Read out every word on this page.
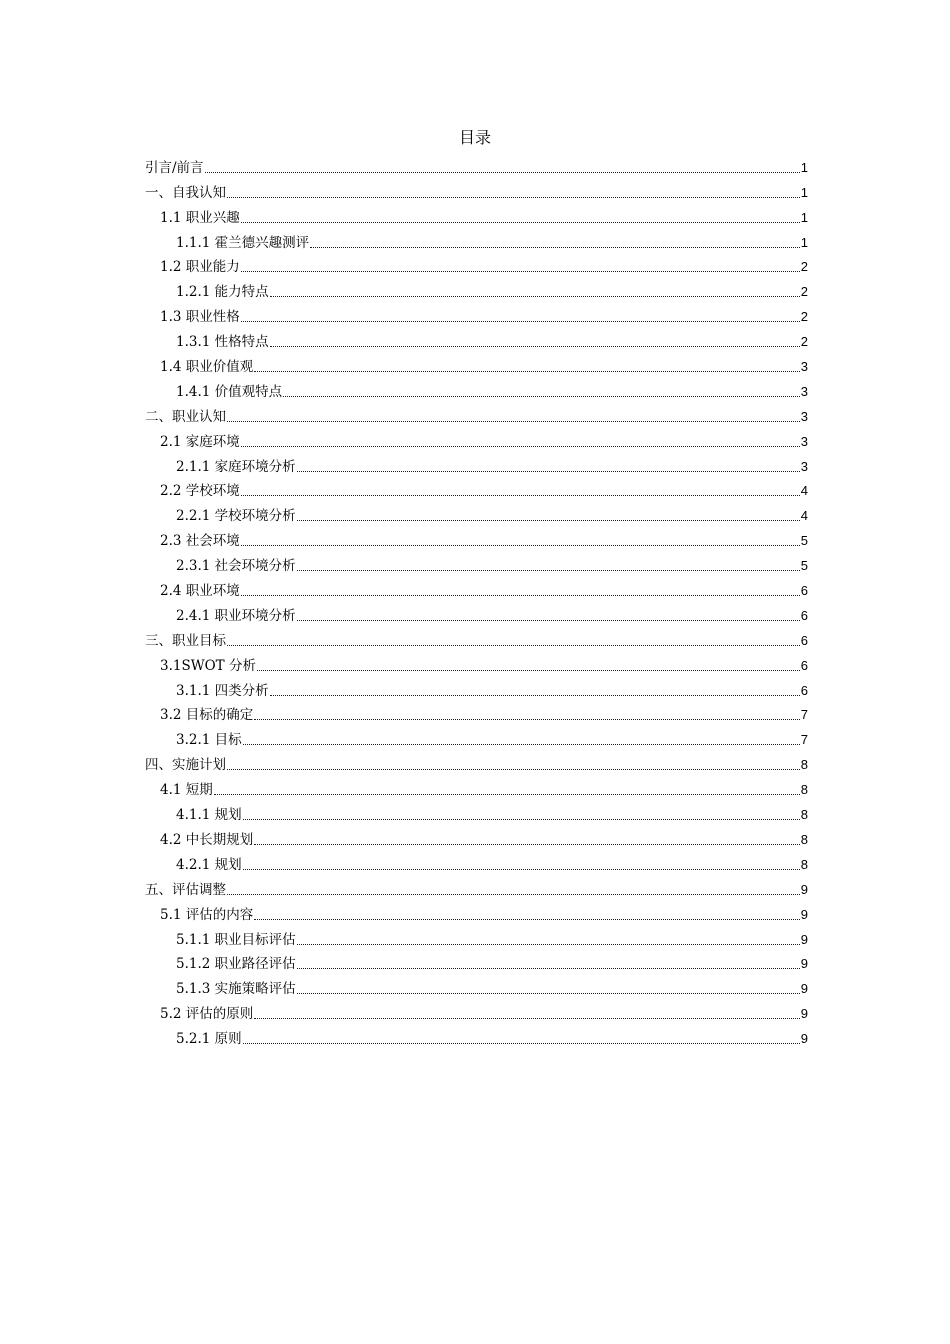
目录
引言/前言	1
一、自我认知	1
1.1 职业兴趣	1
1.1.1 霍兰德兴趣测评	1
1.2 职业能力	2
1.2.1 能力特点	2
1.3 职业性格	2
1.3.1 性格特点	2
1.4 职业价值观	3
1.4.1 价值观特点	3
二、职业认知	3
2.1 家庭环境	3
2.1.1 家庭环境分析	3
2.2 学校环境	4
2.2.1 学校环境分析	4
2.3 社会环境	5
2.3.1 社会环境分析	5
2.4 职业环境	6
2.4.1 职业环境分析	6
三、职业目标	6
3.1SWOT 分析	6
3.1.1 四类分析	6
3.2 目标的确定	7
3.2.1 目标	7
四、实施计划	8
4.1 短期	8
4.1.1 规划	8
4.2 中长期规划	8
4.2.1 规划	8
五、评估调整	9
5.1 评估的内容	9
5.1.1 职业目标评估	9
5.1.2 职业路径评估	9
5.1.3 实施策略评估	9
5.2 评估的原则	9
5.2.1 原则	9
